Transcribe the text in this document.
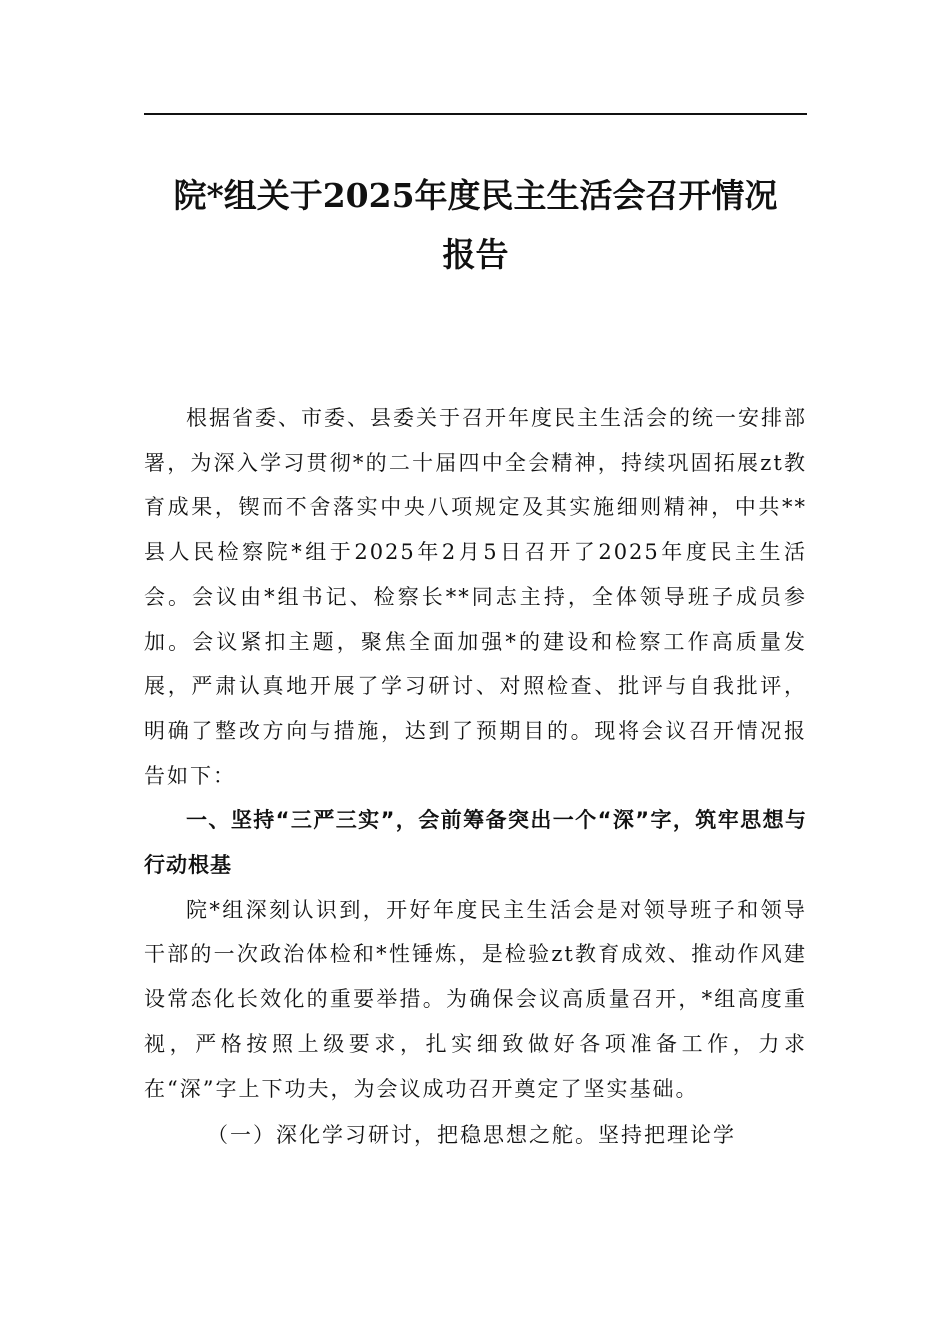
院*组关于2025年度民主生活会召开情况
报告

根据省委、市委、县委关于召开年度民主生活会的统一安排部署，为深入学习贯彻*的二十届四中全会精神，持续巩固拓展zt教育成果，锲而不舍落实中央八项规定及其实施细则精神，中共**县人民检察院*组于2025年2月5日召开了2025年度民主生活会。会议由*组书记、检察长**同志主持，全体领导班子成员参加。会议紧扣主题，聚焦全面加强*的建设和检察工作高质量发展，严肃认真地开展了学习研讨、对照检查、批评与自我批评，明确了整改方向与措施，达到了预期目的。现将会议召开情况报告如下：

一、坚持“三严三实”，会前筹备突出一个“深”字，筑牢思想与行动根基

院*组深刻认识到，开好年度民主生活会是对领导班子和领导干部的一次政治体检和*性锤炼，是检验zt教育成效、推动作风建设常态化长效化的重要举措。为确保会议高质量召开，*组高度重视，严格按照上级要求，扎实细致做好各项准备工作，力求在“深”字上下功夫，为会议成功召开奠定了坚实基础。

（一）深化学习研讨，把稳思想之舵。坚持把理论学
